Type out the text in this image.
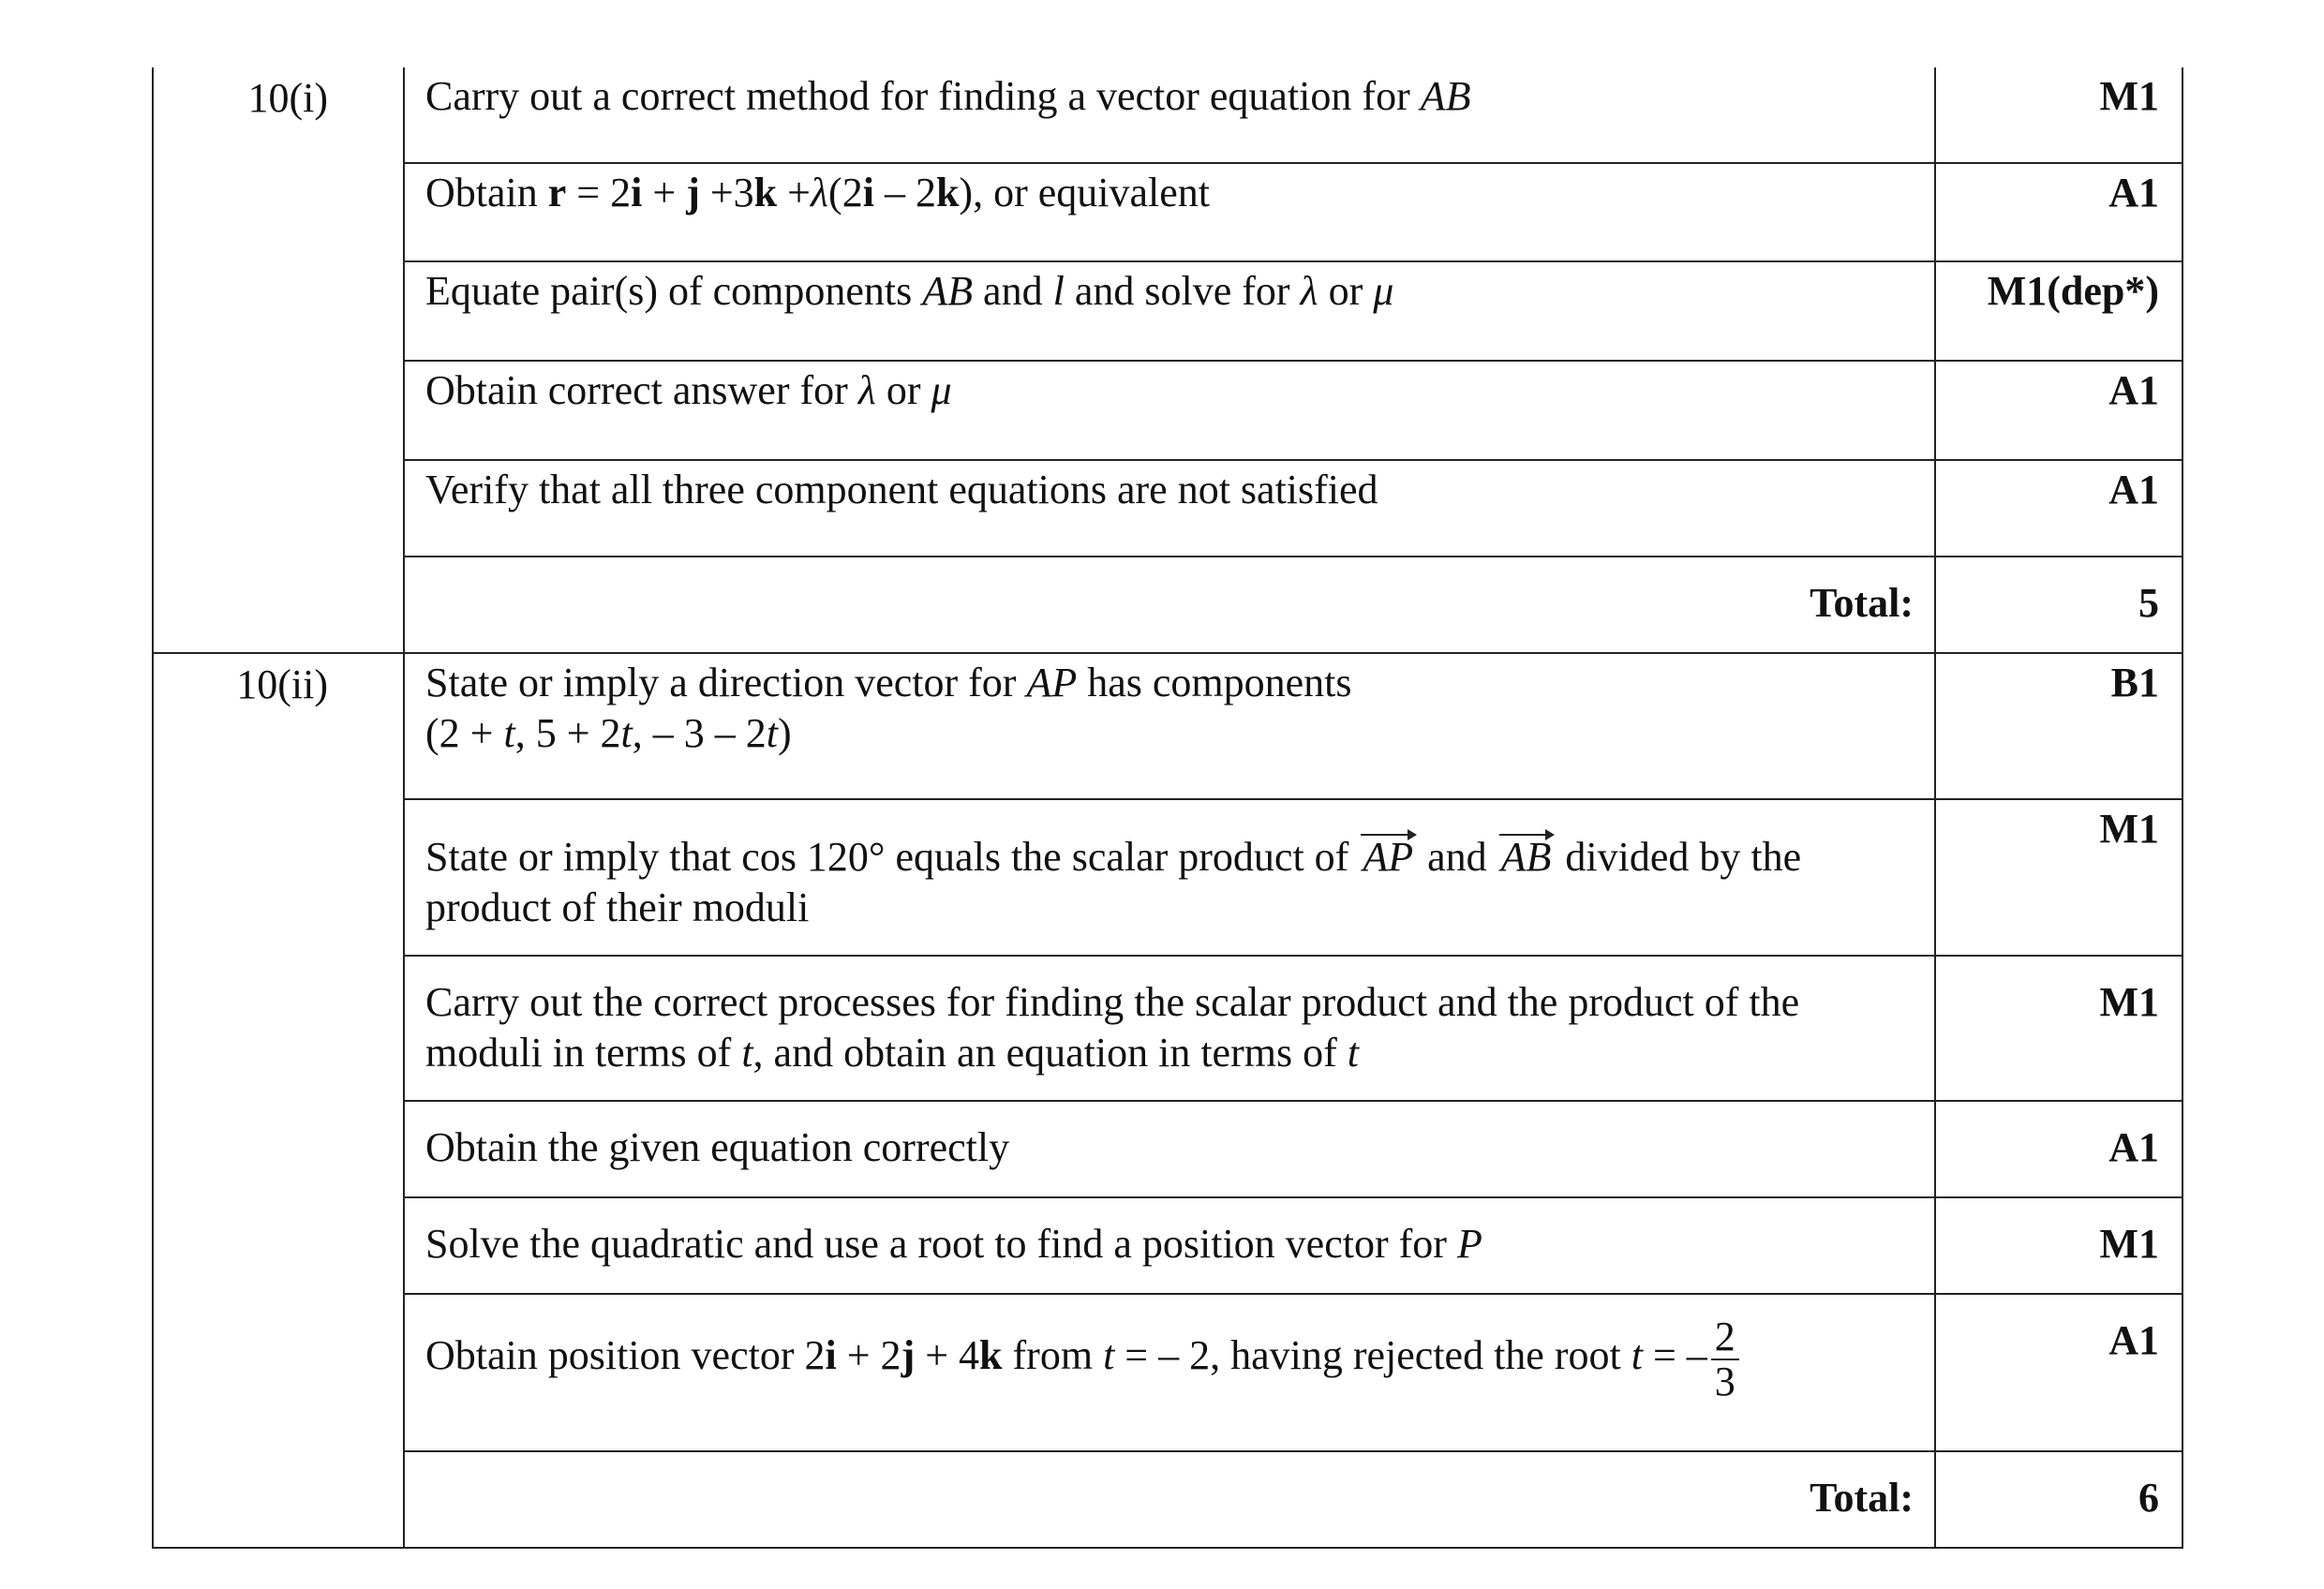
10(i)	Carry out a correct method for finding a vector equation for AB	M1
	Obtain r = 2i + j +3k +λ(2i – 2k), or equivalent	A1
	Equate pair(s) of components AB and l and solve for λ or μ	M1(dep*)
	Obtain correct answer for λ or μ	A1
	Verify that all three component equations are not satisfied	A1
	Total:	5
10(ii)	State or imply a direction vector for AP has components
(2 + t, 5 + 2t, – 3 – 2t)	B1
	State or imply that cos 120° equals the scalar product of AP and AB divided by the
product of their moduli	M1
	Carry out the correct processes for finding the scalar product and the product of the
moduli in terms of t, and obtain an equation in terms of t	M1
	Obtain the given equation correctly	A1
	Solve the quadratic and use a root to find a position vector for P	M1
	Obtain position vector 2i + 2j + 4k from t = – 2, having rejected the root t = – $\frac{2}{3}$	A1
	Total:	6
